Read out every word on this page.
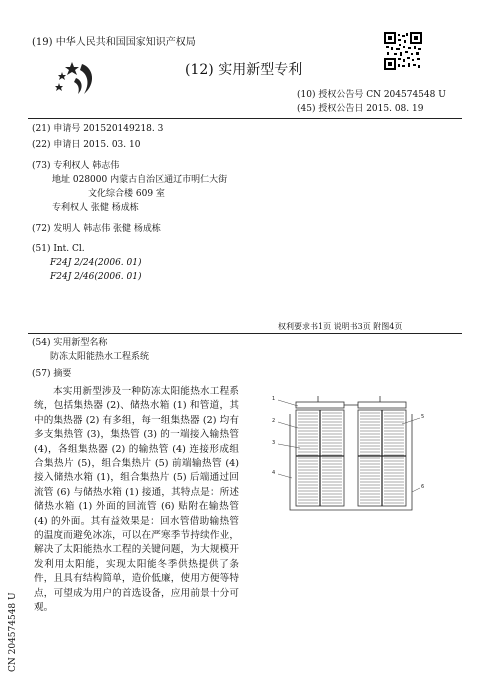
(19) 中华人民共和国国家知识产权局
(12) 实用新型专利
(10) 授权公告号 CN 204574548 U
(45) 授权公告日 2015. 08. 19
(21) 申请号 201520149218. 3
(22) 申请日 2015. 03. 10
(73) 专利权人 韩志伟
地址 028000 内蒙古自治区通辽市明仁大街
文化综合楼 609 室
专利权人 张健 杨成栋
(72) 发明人 韩志伟 张健 杨成栋
(51) Int. Cl.
F24J 2/24(2006. 01)
F24J 2/46(2006. 01)
权利要求书1页 说明书3页 附图4页
(54) 实用新型名称
防冻太阳能热水工程系统
(57) 摘要
本实用新型涉及一种防冻太阳能热水工程系统，包括集热器 (2)、储热水箱 (1) 和管道，其中的集热器 (2) 有多组，每一组集热器 (2) 均有多支集热管 (3)，集热管 (3) 的一端接入输热管 (4)，各组集热器 (2) 的输热管 (4) 连接形成组合集热片 (5)，组合集热片 (5) 前端输热管 (4) 接入储热水箱 (1)，组合集热片 (5) 后端通过回流管 (6) 与储热水箱 (1) 接通，其特点是：所述储热水箱 (1) 外面的回流管 (6) 贴附在输热管 (4) 的外面。其有益效果是：回水管借助输热管的温度而避免冰冻，可以在严寒季节持续作业，解决了太阳能热水工程的关键问题，为大规模开发利用太阳能，实现太阳能冬季供热提供了条件，且具有结构简单，造价低廉，使用方便等特点，可望成为用户的首选设备，应用前景十分可观。
1
2
3
4
5
6
CN 204574548 U
